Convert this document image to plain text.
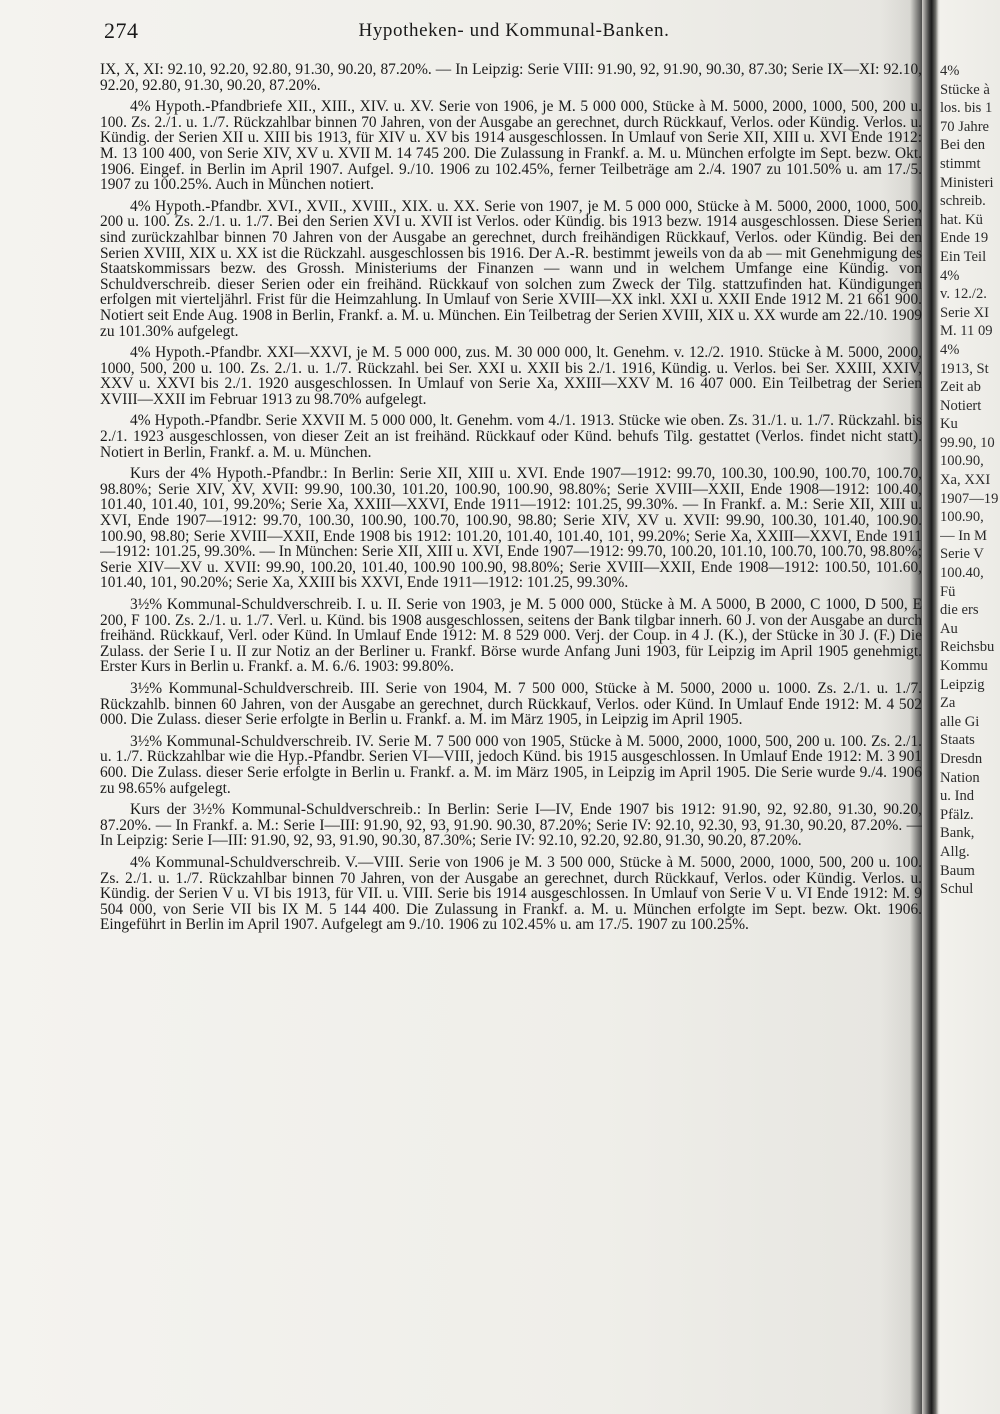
274	Hypotheken- und Kommunal-Banken.

IX, X, XI: 92.10, 92.20, 92.80, 91.30, 90.20, 87.20%. — In Leipzig: Serie VIII: 91.90, 92, 91.90, 90.30, 87.30; Serie IX—XI: 92.10, 92.20, 92.80, 91.30, 90.20, 87.20%.

4% Hypoth.-Pfandbriefe XII., XIII., XIV. u. XV. Serie von 1906, je M. 5 000 000, Stücke à M. 5000, 2000, 1000, 500, 200 u. 100. Zs. 2./1. u. 1./7. Rückzahlbar binnen 70 Jahren, von der Ausgabe an gerechnet, durch Rückkauf, Verlos. oder Kündig. Verlos. u. Kündig. der Serien XII u. XIII bis 1913, für XIV u. XV bis 1914 ausgeschlossen. In Umlauf von Serie XII, XIII u. XVI Ende 1912: M. 13 100 400, von Serie XIV, XV u. XVII M. 14 745 200. Die Zulassung in Frankf. a. M. u. München erfolgte im Sept. bezw. Okt. 1906. Eingef. in Berlin im April 1907. Aufgel. 9./10. 1906 zu 102.45%, ferner Teilbeträge am 2./4. 1907 zu 101.50% u. am 17./5. 1907 zu 100.25%. Auch in München notiert.

4% Hypoth.-Pfandbr. XVI., XVII., XVIII., XIX. u. XX. Serie von 1907, je M. 5 000 000, Stücke à M. 5000, 2000, 1000, 500, 200 u. 100. Zs. 2./1. u. 1./7. Bei den Serien XVI u. XVII ist Verlos. oder Kündig. bis 1913 bezw. 1914 ausgeschlossen. Diese Serien sind zurückzahlbar binnen 70 Jahren von der Ausgabe an gerechnet, durch freihändigen Rückkauf, Verlos. oder Kündig. Bei den Serien XVIII, XIX u. XX ist die Rückzahl. ausgeschlossen bis 1916. Der A.-R. bestimmt jeweils von da ab — mit Genehmigung des Staatskommissars bezw. des Grossh. Ministeriums der Finanzen — wann und in welchem Umfange eine Kündig. von Schuldverschreib. dieser Serien oder ein freihänd. Rückkauf von solchen zum Zweck der Tilg. stattzufinden hat. Kündigungen erfolgen mit vierteljährl. Frist für die Heimzahlung. In Umlauf von Serie XVIII—XX inkl. XXI u. XXII Ende 1912 M. 21 661 900. Notiert seit Ende Aug. 1908 in Berlin, Frankf. a. M. u. München. Ein Teilbetrag der Serien XVIII, XIX u. XX wurde am 22./10. 1909 zu 101.30% aufgelegt.

4% Hypoth.-Pfandbr. XXI—XXVI, je M. 5 000 000, zus. M. 30 000 000, lt. Genehm. v. 12./2. 1910. Stücke à M. 5000, 2000, 1000, 500, 200 u. 100. Zs. 2./1. u. 1./7. Rückzahl. bei Ser. XXI u. XXII bis 2./1. 1916, Kündig. u. Verlos. bei Ser. XXIII, XXIV, XXV u. XXVI bis 2./1. 1920 ausgeschlossen. In Umlauf von Serie Xa, XXIII—XXV M. 16 407 000. Ein Teilbetrag der Serien XVIII—XXII im Februar 1913 zu 98.70% aufgelegt.

4% Hypoth.-Pfandbr. Serie XXVII M. 5 000 000, lt. Genehm. vom 4./1. 1913. Stücke wie oben. Zs. 31./1. u. 1./7. Rückzahl. bis 2./1. 1923 ausgeschlossen, von dieser Zeit an ist freihänd. Rückkauf oder Künd. behufs Tilg. gestattet (Verlos. findet nicht statt). Notiert in Berlin, Frankf. a. M. u. München.

Kurs der 4% Hypoth.-Pfandbr.: In Berlin: Serie XII, XIII u. XVI. Ende 1907—1912: 99.70, 100.30, 100.90, 100.70, 100.70, 98.80%; Serie XIV, XV, XVII: 99.90, 100.30, 101.20, 100.90, 100.90, 98.80%; Serie XVIII—XXII, Ende 1908—1912: 100.40, 101.40, 101.40, 101, 99.20%; Serie Xa, XXIII—XXVI, Ende 1911—1912: 101.25, 99.30%. — In Frankf. a. M.: Serie XII, XIII u. XVI, Ende 1907—1912: 99.70, 100.30, 100.90, 100.70, 100.90, 98.80; Serie XIV, XV u. XVII: 99.90, 100.30, 101.40, 100.90. 100.90, 98.80; Serie XVIII—XXII, Ende 1908 bis 1912: 101.20, 101.40, 101.40, 101, 99.20%; Serie Xa, XXIII—XXVI, Ende 1911—1912: 101.25, 99.30%. — In München: Serie XII, XIII u. XVI, Ende 1907—1912: 99.70, 100.20, 101.10, 100.70, 100.70, 98.80%; Serie XIV—XV u. XVII: 99.90, 100.20, 101.40, 100.90 100.90, 98.80%; Serie XVIII—XXII, Ende 1908—1912: 100.50, 101.60, 101.40, 101, 90.20%; Serie Xa, XXIII bis XXVI, Ende 1911—1912: 101.25, 99.30%.

3½% Kommunal-Schuldverschreib. I. u. II. Serie von 1903, je M. 5 000 000, Stücke à M. A 5000, B 2000, C 1000, D 500, E 200, F 100. Zs. 2./1. u. 1./7. Verl. u. Künd. bis 1908 ausgeschlossen, seitens der Bank tilgbar innerh. 60 J. von der Ausgabe an durch freihänd. Rückkauf, Verl. oder Künd. In Umlauf Ende 1912: M. 8 529 000. Verj. der Coup. in 4 J. (K.), der Stücke in 30 J. (F.) Die Zulass. der Serie I u. II zur Notiz an der Berliner u. Frankf. Börse wurde Anfang Juni 1903, für Leipzig im April 1905 genehmigt. Erster Kurs in Berlin u. Frankf. a. M. 6./6. 1903: 99.80%.

3½% Kommunal-Schuldverschreib. III. Serie von 1904, M. 7 500 000, Stücke à M. 5000, 2000 u. 1000. Zs. 2./1. u. 1./7. Rückzahlb. binnen 60 Jahren, von der Ausgabe an gerechnet, durch Rückkauf, Verlos. oder Künd. In Umlauf Ende 1912: M. 4 502 000. Die Zulass. dieser Serie erfolgte in Berlin u. Frankf. a. M. im März 1905, in Leipzig im April 1905.

3½% Kommunal-Schuldverschreib. IV. Serie M. 7 500 000 von 1905, Stücke à M. 5000, 2000, 1000, 500, 200 u. 100. Zs. 2./1. u. 1./7. Rückzahlbar wie die Hyp.-Pfandbr. Serien VI—VIII, jedoch Künd. bis 1915 ausgeschlossen. In Umlauf Ende 1912: M. 3 901 600. Die Zulass. dieser Serie erfolgte in Berlin u. Frankf. a. M. im März 1905, in Leipzig im April 1905. Die Serie wurde 9./4. 1906 zu 98.65% aufgelegt.

Kurs der 3½% Kommunal-Schuldverschreib.: In Berlin: Serie I—IV, Ende 1907 bis 1912: 91.90, 92, 92.80, 91.30, 90.20, 87.20%. — In Frankf. a. M.: Serie I—III: 91.90, 92, 93, 91.90. 90.30, 87.20%; Serie IV: 92.10, 92.30, 93, 91.30, 90.20, 87.20%. — In Leipzig: Serie I—III: 91.90, 92, 93, 91.90, 90.30, 87.30%; Serie IV: 92.10, 92.20, 92.80, 91.30, 90.20, 87.20%.

4% Kommunal-Schuldverschreib. V.—VIII. Serie von 1906 je M. 3 500 000, Stücke à M. 5000, 2000, 1000, 500, 200 u. 100. Zs. 2./1. u. 1./7. Rückzahlbar binnen 70 Jahren, von der Ausgabe an gerechnet, durch Rückkauf, Verlos. oder Kündig. Verlos. u. Kündig. der Serien V u. VI bis 1913, für VII. u. VIII. Serie bis 1914 ausgeschlossen. In Umlauf von Serie V u. VI Ende 1912: M. 9 504 000, von Serie VII bis IX M. 5 144 400. Die Zulassung in Frankf. a. M. u. München erfolgte im Sept. bezw. Okt. 1906. Eingeführt in Berlin im April 1907. Aufgelegt am 9./10. 1906 zu 102.45% u. am 17./5. 1907 zu 100.25%.

4%
Stücke à
los. bis 1
70 Jahre
Bei den
stimmt
Ministeri
schreib.
hat. Kü
Ende 19
Ein Teil
4%
v. 12./2.
Serie XI
M. 11 09
4%
1913, St
Zeit ab
Notiert
Ku
99.90, 10
100.90,
Xa, XXI
1907—19
100.90,
— In M
Serie V
100.40,
Fü
die ers
Au
Reichsbu
Kommu
Leipzig
Za
alle Gi
Staats
Dresdn
Nation
u. Ind
Pfälz.
Bank,
Allg.
Baum
Schul
